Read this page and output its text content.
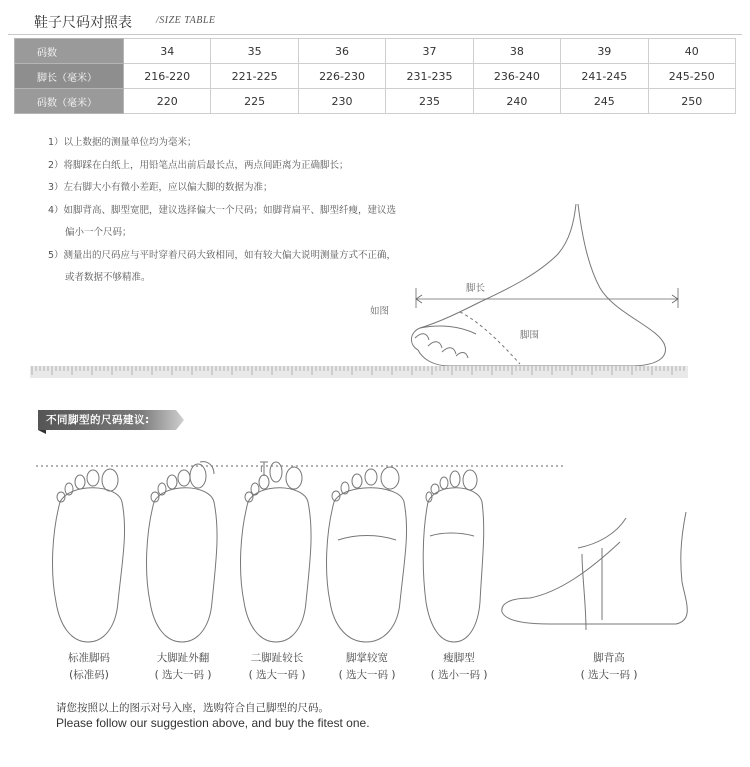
鞋子尺码对照表 /SIZE TABLE
码数	34	35	36	37	38	39	40
脚长（毫米）	216-220	221-225	226-230	231-235	236-240	241-245	245-250
码数（毫米）	220	225	230	235	240	245	250
1）以上数据的测量单位均为毫米；
2）将脚踩在白纸上，用铅笔点出前后最长点，两点间距离为正确脚长；
3）左右脚大小有微小差距，应以偏大脚的数据为准；
4）如脚背高、脚型宽肥，建议选择偏大一个尺码；如脚背扁平、脚型纤瘦，建议选
偏小一个尺码；
5）测量出的尺码应与平时穿着尺码大致相同，如有较大偏大说明测量方式不正确，
或者数据不够精准。
如图
脚长
脚围
不同脚型的尺码建议:
I
标准脚码
(标准码)
大脚趾外翻
( 选大一码 )
二脚趾较长
( 选大一码 )
脚掌较宽
( 选大一码 )
瘦脚型
( 选小一码 )
脚背高
( 选大一码 )
请您按照以上的图示对号入座，选购符合自己脚型的尺码。
Please follow our suggestion above, and buy the fitest one.
